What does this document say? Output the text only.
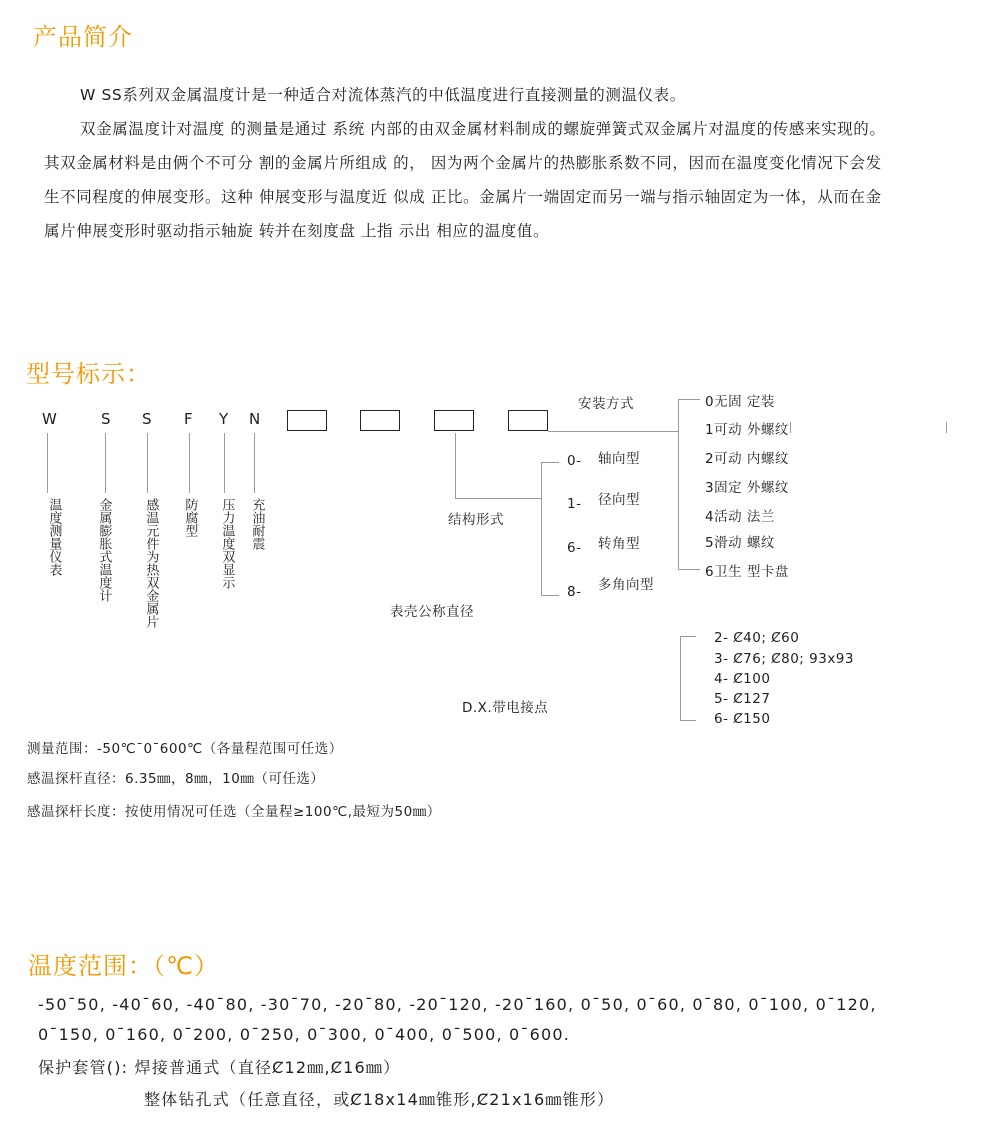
产品简介
W SS系列双金属温度计是一种适合对流体蒸汽的中低温度进行直接测量的测温仪表。
双金属温度计对温度 的测量是通过 系统 内部的由双金属材料制成的螺旋弹簧式双金属片对温度的传感来实现的。
其双金属材料是由俩个不可分 割的金属片所组成 的， 因为两个金属片的热膨胀系数不同，因而在温度变化情况下会发
生不同程度的伸展变形。这种 伸展变形与温度近 似成 正比。金属片一端固定而另一端与指示轴固定为一体，从而在金
属片伸展变形时驱动指示轴旋 转并在刻度盘 上指 示出 相应的温度值。
型号标示：
W	S S F Y N
温度测量仪表	金属膨胀式温度计 感温元件为热双金属片 防腐型 压力温度双显示 充油耐震	结构形式
0- 轴向型
1- 径向型
6- 转角型
8- 多角向型
安装方式	0无固 定装
1可动 外螺纹
2可动 内螺纹
3固定 外螺纹
4活动 法兰
5滑动 螺纹
6卫生 型卡盘
表壳公称直径
2- Ȼ40; Ȼ60
3- Ȼ76; Ȼ80; 93x93
4- Ȼ100
5- Ȼ127
6- Ȼ150
D.X.带电接点
测量范围：-50℃ˉ0ˉ600℃（各量程范围可任选）
感温探杆直径：6.35㎜，8㎜，10㎜（可任选）
感温探杆长度：按使用情况可任选（全量程≥100℃,最短为50㎜）
温度范围：（℃）
-50ˉ50, -40ˉ60, -40ˉ80, -30ˉ70, -20ˉ80, -20ˉ120, -20ˉ160, 0ˉ50, 0ˉ60, 0ˉ80, 0ˉ100, 0ˉ120,
0ˉ150, 0ˉ160, 0ˉ200, 0ˉ250, 0ˉ300, 0ˉ400, 0ˉ500, 0ˉ600.
保护套管(): 焊接普通式（直径Ȼ12㎜,Ȼ16㎜）
整体钻孔式（任意直径，或Ȼ18x14㎜锥形,Ȼ21x16㎜锥形）
